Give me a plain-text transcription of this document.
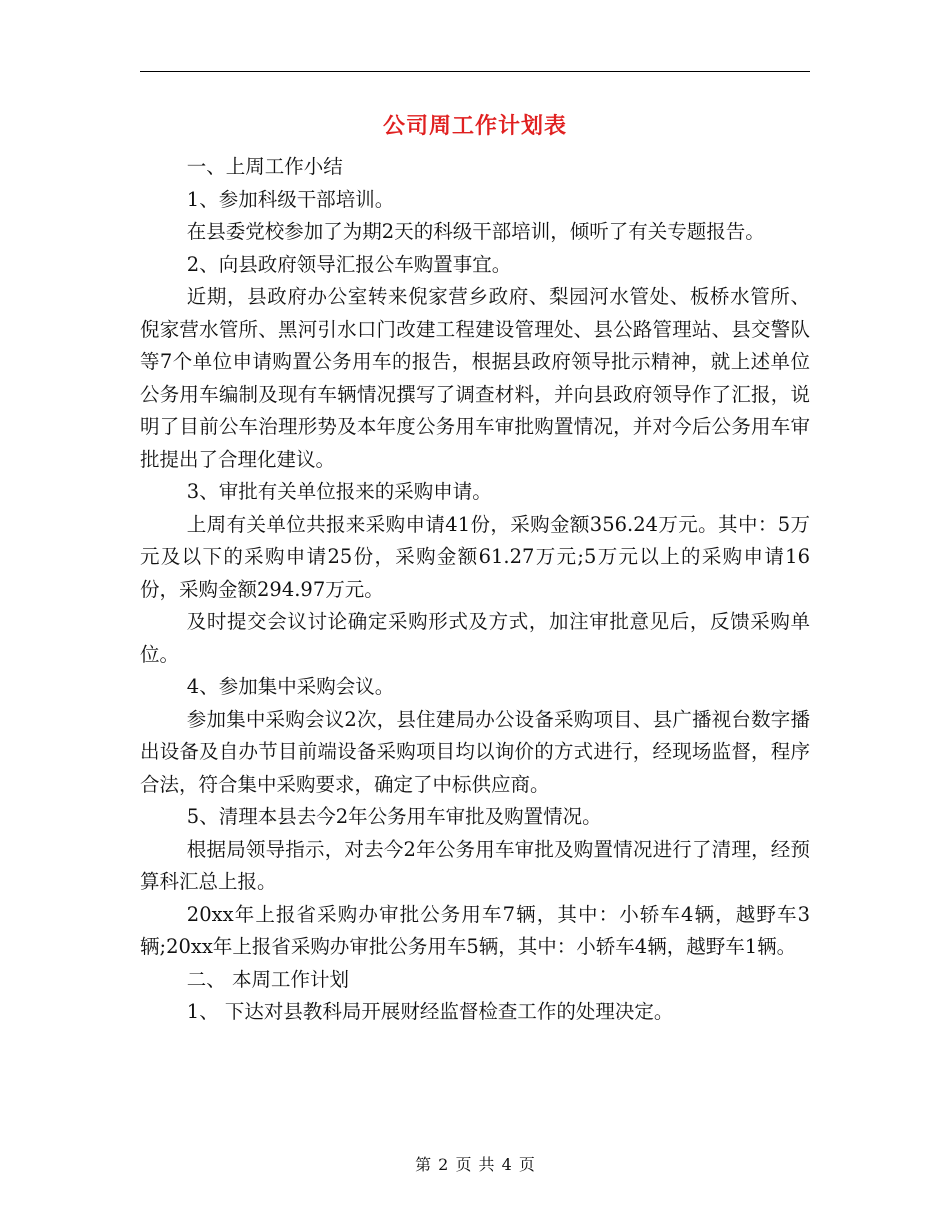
公司周工作计划表

一、上周工作小结

1、参加科级干部培训。

在县委党校参加了为期2天的科级干部培训，倾听了有关专题报告。

2、向县政府领导汇报公车购置事宜。

近期，县政府办公室转来倪家营乡政府、梨园河水管处、板桥水管所、倪家营水管所、黑河引水口门改建工程建设管理处、县公路管理站、县交警队等7个单位申请购置公务用车的报告，根据县政府领导批示精神，就上述单位公务用车编制及现有车辆情况撰写了调查材料，并向县政府领导作了汇报，说明了目前公车治理形势及本年度公务用车审批购置情况，并对今后公务用车审批提出了合理化建议。

3、审批有关单位报来的采购申请。

上周有关单位共报来采购申请41份，采购金额356.24万元。其中：5万元及以下的采购申请25份，采购金额61.27万元;5万元以上的采购申请16份，采购金额294.97万元。

及时提交会议讨论确定采购形式及方式，加注审批意见后，反馈采购单位。

4、参加集中采购会议。

参加集中采购会议2次，县住建局办公设备采购项目、县广播视台数字播出设备及自办节目前端设备采购项目均以询价的方式进行，经现场监督，程序合法，符合集中采购要求，确定了中标供应商。

5、清理本县去今2年公务用车审批及购置情况。

根据局领导指示，对去今2年公务用车审批及购置情况进行了清理，经预算科汇总上报。

20xx年上报省采购办审批公务用车7辆，其中：小轿车4辆，越野车3辆;20xx年上报省采购办审批公务用车5辆，其中：小轿车4辆，越野车1辆。

二、 本周工作计划

1、 下达对县教科局开展财经监督检查工作的处理决定。

第 2 页 共 4 页
